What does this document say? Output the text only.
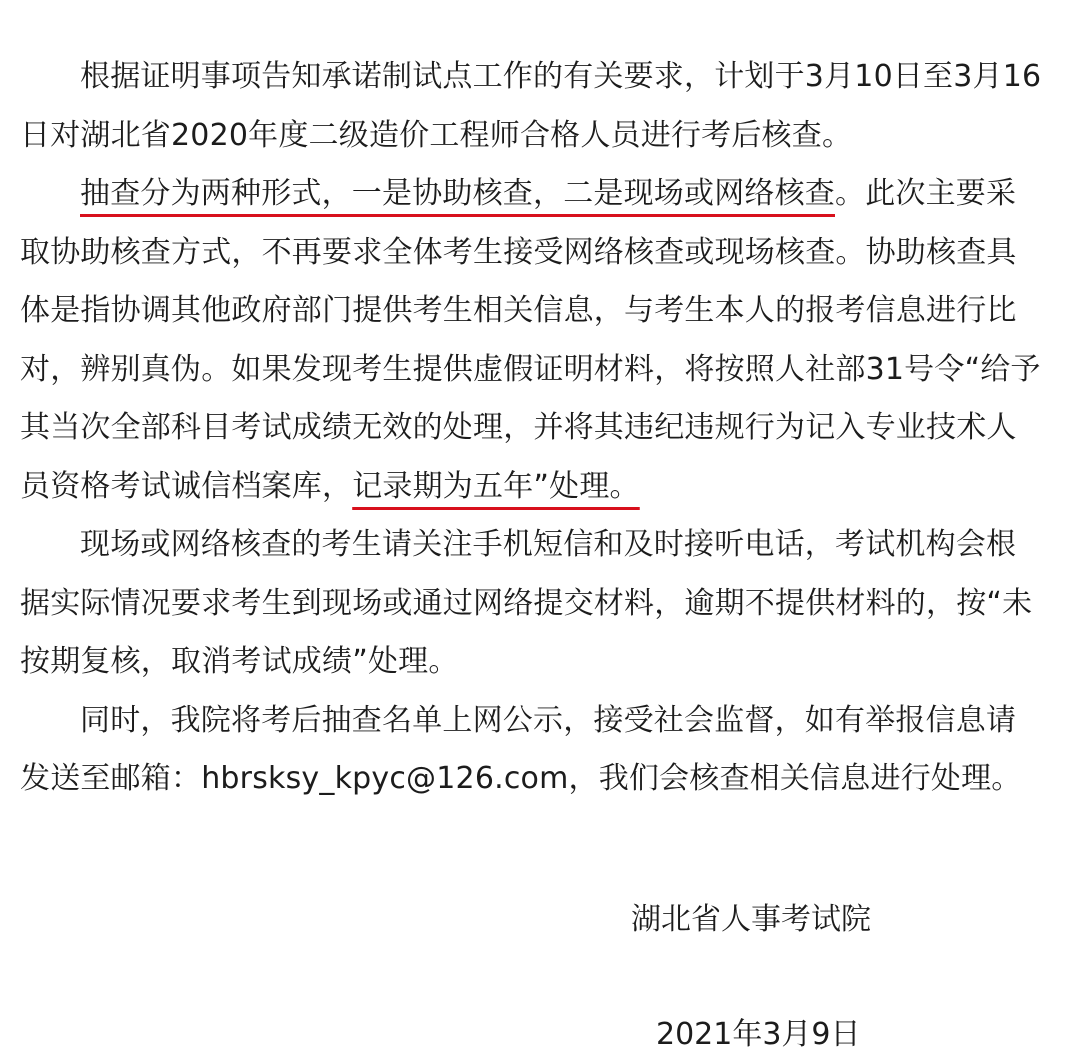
根据证明事项告知承诺制试点工作的有关要求，计划于3月10日至3月16
日对湖北省2020年度二级造价工程师合格人员进行考后核查。
抽查分为两种形式，一是协助核查，二是现场或网络核查。此次主要采
取协助核查方式，不再要求全体考生接受网络核查或现场核查。协助核查具
体是指协调其他政府部门提供考生相关信息，与考生本人的报考信息进行比
对，辨别真伪。如果发现考生提供虚假证明材料，将按照人社部31号令“给予
其当次全部科目考试成绩无效的处理，并将其违纪违规行为记入专业技术人
员资格考试诚信档案库，记录期为五年”处理。
现场或网络核查的考生请关注手机短信和及时接听电话，考试机构会根
据实际情况要求考生到现场或通过网络提交材料，逾期不提供材料的，按“未
按期复核，取消考试成绩”处理。
同时，我院将考后抽查名单上网公示，接受社会监督，如有举报信息请
发送至邮箱：hbrsksy_kpyc@126.com，我们会核查相关信息进行处理。
湖北省人事考试院
2021年3月9日
